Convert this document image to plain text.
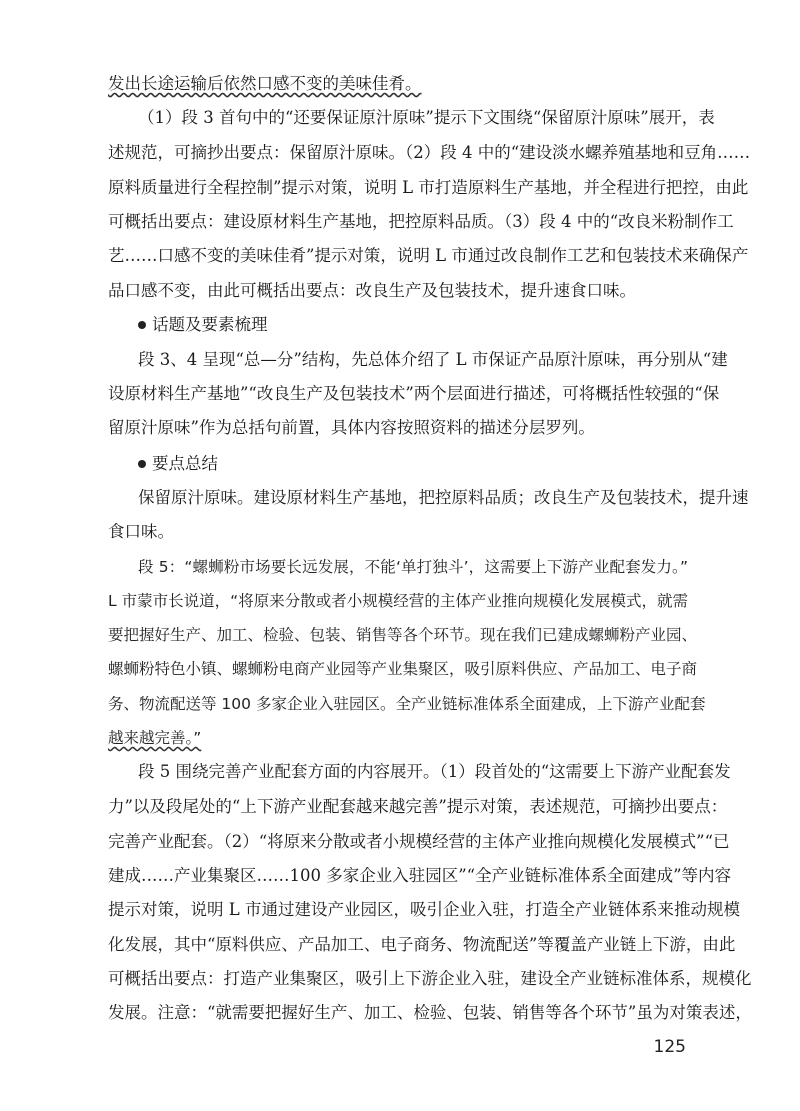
发出长途运输后依然口感不变的美味佳肴。
（1）段 3 首句中的“还要保证原汁原味”提示下文围绕“保留原汁原味”展开，表
述规范，可摘抄出要点：保留原汁原味。（2）段 4 中的“建设淡水螺养殖基地和豆角……
原料质量进行全程控制”提示对策，说明 L 市打造原料生产基地，并全程进行把控，由此
可概括出要点：建设原材料生产基地，把控原料品质。（3）段 4 中的“改良米粉制作工
艺……口感不变的美味佳肴”提示对策，说明 L 市通过改良制作工艺和包装技术来确保产
品口感不变，由此可概括出要点：改良生产及包装技术，提升速食口味。
话题及要素梳理
段 3、4 呈现“总—分”结构，先总体介绍了 L 市保证产品原汁原味，再分别从“建
设原材料生产基地”“改良生产及包装技术”两个层面进行描述，可将概括性较强的“保
留原汁原味”作为总括句前置，具体内容按照资料的描述分层罗列。
要点总结
保留原汁原味。建设原材料生产基地，把控原料品质；改良生产及包装技术，提升速
食口味。
段 5：“螺蛳粉市场要长远发展，不能‘单打独斗’，这需要上下游产业配套发力。”
L 市蒙市长说道，“将原来分散或者小规模经营的主体产业推向规模化发展模式，就需
要把握好生产、加工、检验、包装、销售等各个环节。现在我们已建成螺蛳粉产业园、
螺蛳粉特色小镇、螺蛳粉电商产业园等产业集聚区，吸引原料供应、产品加工、电子商
务、物流配送等 100 多家企业入驻园区。全产业链标准体系全面建成，上下游产业配套
越来越完善。”
段 5 围绕完善产业配套方面的内容展开。（1）段首处的“这需要上下游产业配套发
力”以及段尾处的“上下游产业配套越来越完善”提示对策，表述规范，可摘抄出要点：
完善产业配套。（2）“将原来分散或者小规模经营的主体产业推向规模化发展模式”“已
建成……产业集聚区……100 多家企业入驻园区”“全产业链标准体系全面建成”等内容
提示对策，说明 L 市通过建设产业园区，吸引企业入驻，打造全产业链体系来推动规模
化发展，其中“原料供应、产品加工、电子商务、物流配送”等覆盖产业链上下游，由此
可概括出要点：打造产业集聚区，吸引上下游企业入驻，建设全产业链标准体系，规模化
发展。注意：“就需要把握好生产、加工、检验、包装、销售等各个环节”虽为对策表述，
125
